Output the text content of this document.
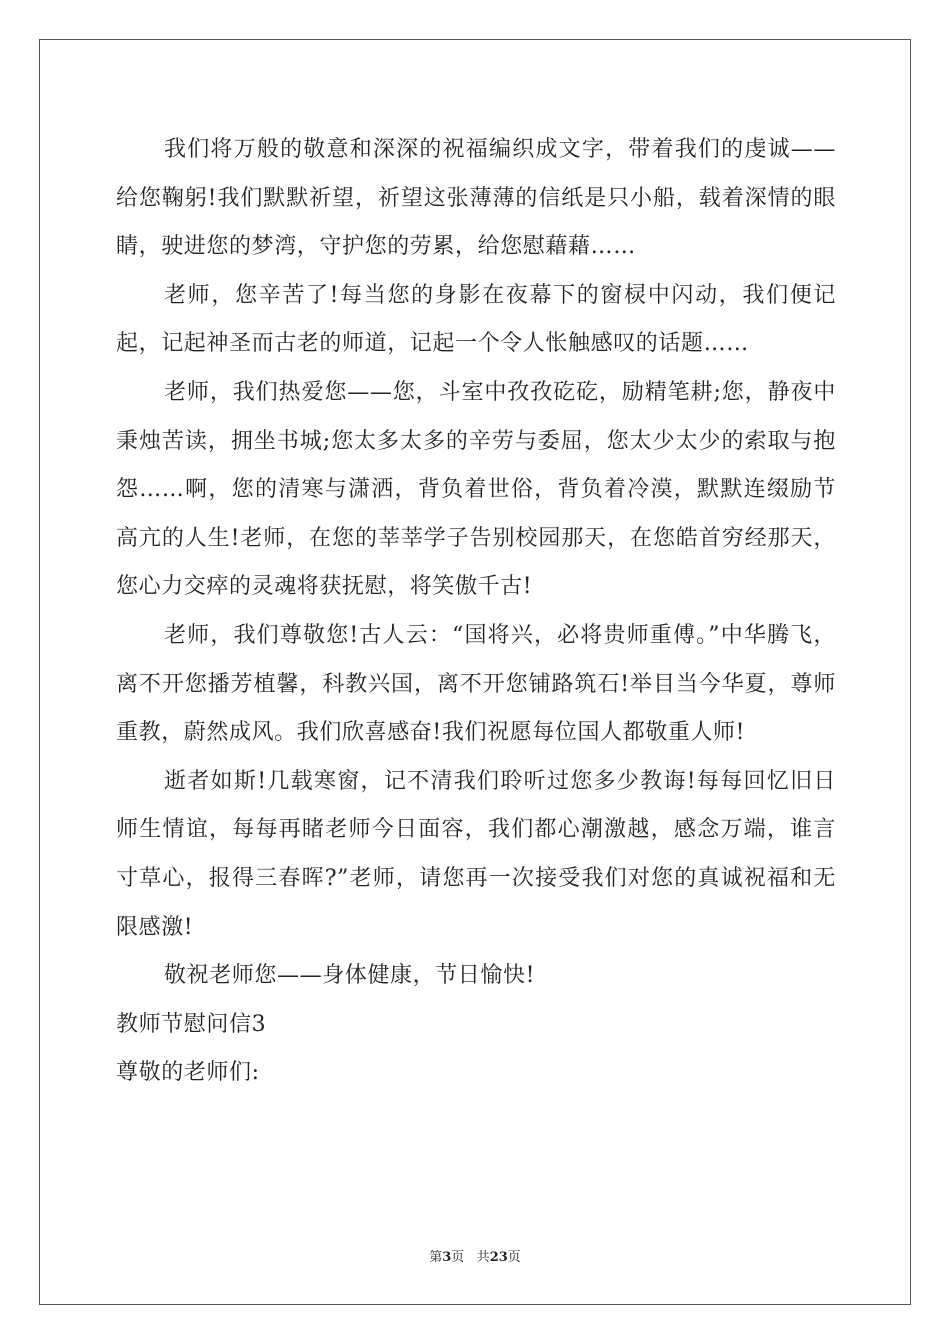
我们将万般的敬意和深深的祝福编织成文字，带着我们的虔诚——给您鞠躬!我们默默祈望，祈望这张薄薄的信纸是只小船，载着深情的眼睛，驶进您的梦湾，守护您的劳累，给您慰藉藉……

老师，您辛苦了!每当您的身影在夜幕下的窗棂中闪动，我们便记起，记起神圣而古老的师道，记起一个令人怅触感叹的话题……

老师，我们热爱您——您，斗室中孜孜矻矻，励精笔耕;您，静夜中秉烛苦读，拥坐书城;您太多太多的辛劳与委屈，您太少太少的索取与抱怨……啊，您的清寒与潇洒，背负着世俗，背负着冷漠，默默连缀励节高亢的人生!老师，在您的莘莘学子告别校园那天，在您皓首穷经那天，您心力交瘁的灵魂将获抚慰，将笑傲千古!

老师，我们尊敬您!古人云：“国将兴，必将贵师重傅。”中华腾飞，离不开您播芳植馨，科教兴国，离不开您铺路筑石!举目当今华夏，尊师重教，蔚然成风。我们欣喜感奋!我们祝愿每位国人都敬重人师!

逝者如斯!几载寒窗，记不清我们聆听过您多少教诲!每每回忆旧日师生情谊，每每再睹老师今日面容，我们都心潮激越，感念万端，谁言寸草心，报得三春晖?”老师，请您再一次接受我们对您的真诚祝福和无限感激!

敬祝老师您——身体健康，节日愉快!

教师节慰问信3

尊敬的老师们:

第3页 共23页
